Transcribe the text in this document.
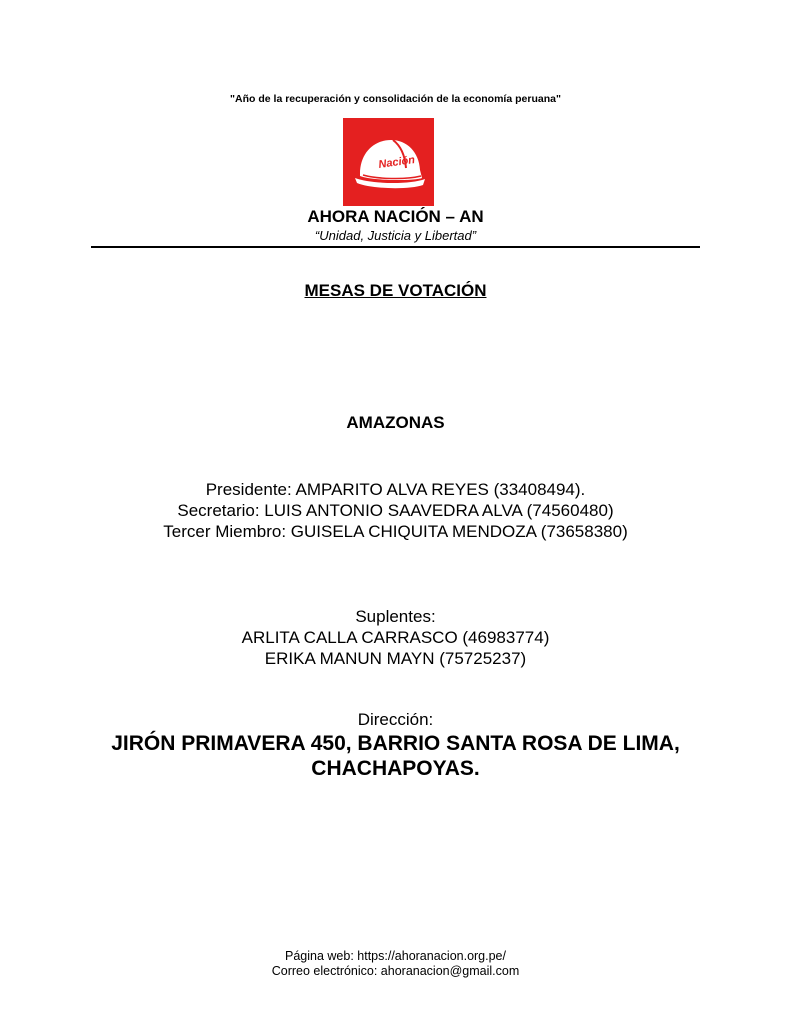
"Año de la recuperación y consolidación de la economía peruana"
Nación
AHORA NACIÓN – AN
“Unidad, Justicia y Libertad”
MESAS DE VOTACIÓN
AMAZONAS
Presidente: AMPARITO ALVA REYES (33408494).
Secretario: LUIS ANTONIO SAAVEDRA ALVA (74560480)
Tercer Miembro: GUISELA CHIQUITA MENDOZA (73658380)
Suplentes:
ARLITA CALLA CARRASCO (46983774)
ERIKA MANUN MAYN (75725237)
Dirección:
JIRÓN PRIMAVERA 450, BARRIO SANTA ROSA DE LIMA,
CHACHAPOYAS.
Página web: https://ahoranacion.org.pe/
Correo electrónico: ahoranacion@gmail.com
